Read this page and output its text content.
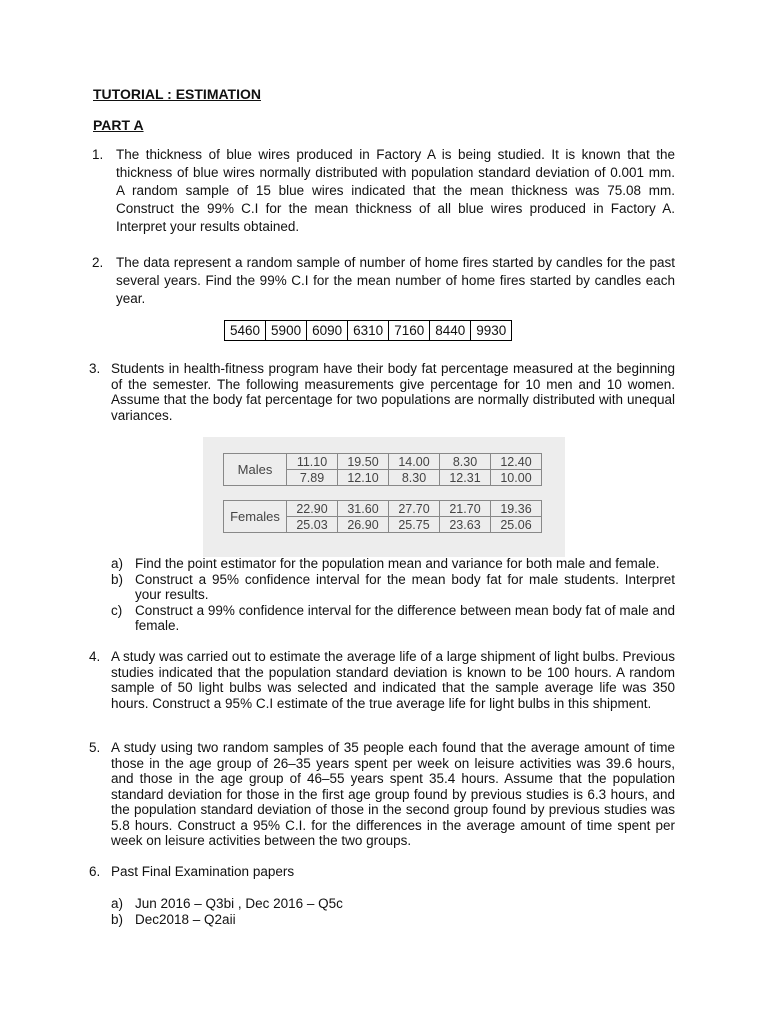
TUTORIAL : ESTIMATION
PART A
1. The thickness of blue wires produced in Factory A is being studied. It is known that the thickness of blue wires normally distributed with population standard deviation of 0.001 mm. A random sample of 15 blue wires indicated that the mean thickness was 75.08 mm. Construct the 99% C.I for the mean thickness of all blue wires produced in Factory A. Interpret your results obtained.
2. The data represent a random sample of number of home fires started by candles for the past several years. Find the 99% C.I for the mean number of home fires started by candles each year.
5460	5900	6090	6310	7160	8440	9930
3. Students in health-fitness program have their body fat percentage measured at the beginning of the semester. The following measurements give percentage for 10 men and 10 women. Assume that the body fat percentage for two populations are normally distributed with unequal variances.
Males	11.10	19.50	14.00	8.30	12.40
	7.89	12.10	8.30	12.31	10.00
Females	22.90	31.60	27.70	21.70	19.36
	25.03	26.90	25.75	23.63	25.06
a) Find the point estimator for the population mean and variance for both male and female.
b) Construct a 95% confidence interval for the mean body fat for male students. Interpret your results.
c) Construct a 99% confidence interval for the difference between mean body fat of male and female.
4. A study was carried out to estimate the average life of a large shipment of light bulbs. Previous studies indicated that the population standard deviation is known to be 100 hours. A random sample of 50 light bulbs was selected and indicated that the sample average life was 350 hours. Construct a 95% C.I estimate of the true average life for light bulbs in this shipment.
5. A study using two random samples of 35 people each found that the average amount of time those in the age group of 26–35 years spent per week on leisure activities was 39.6 hours, and those in the age group of 46–55 years spent 35.4 hours. Assume that the population standard deviation for those in the first age group found by previous studies is 6.3 hours, and the population standard deviation of those in the second group found by previous studies was 5.8 hours. Construct a 95% C.I. for the differences in the average amount of time spent per week on leisure activities between the two groups.
6. Past Final Examination papers
a) Jun 2016 – Q3bi , Dec 2016 – Q5c
b) Dec2018 – Q2aii
